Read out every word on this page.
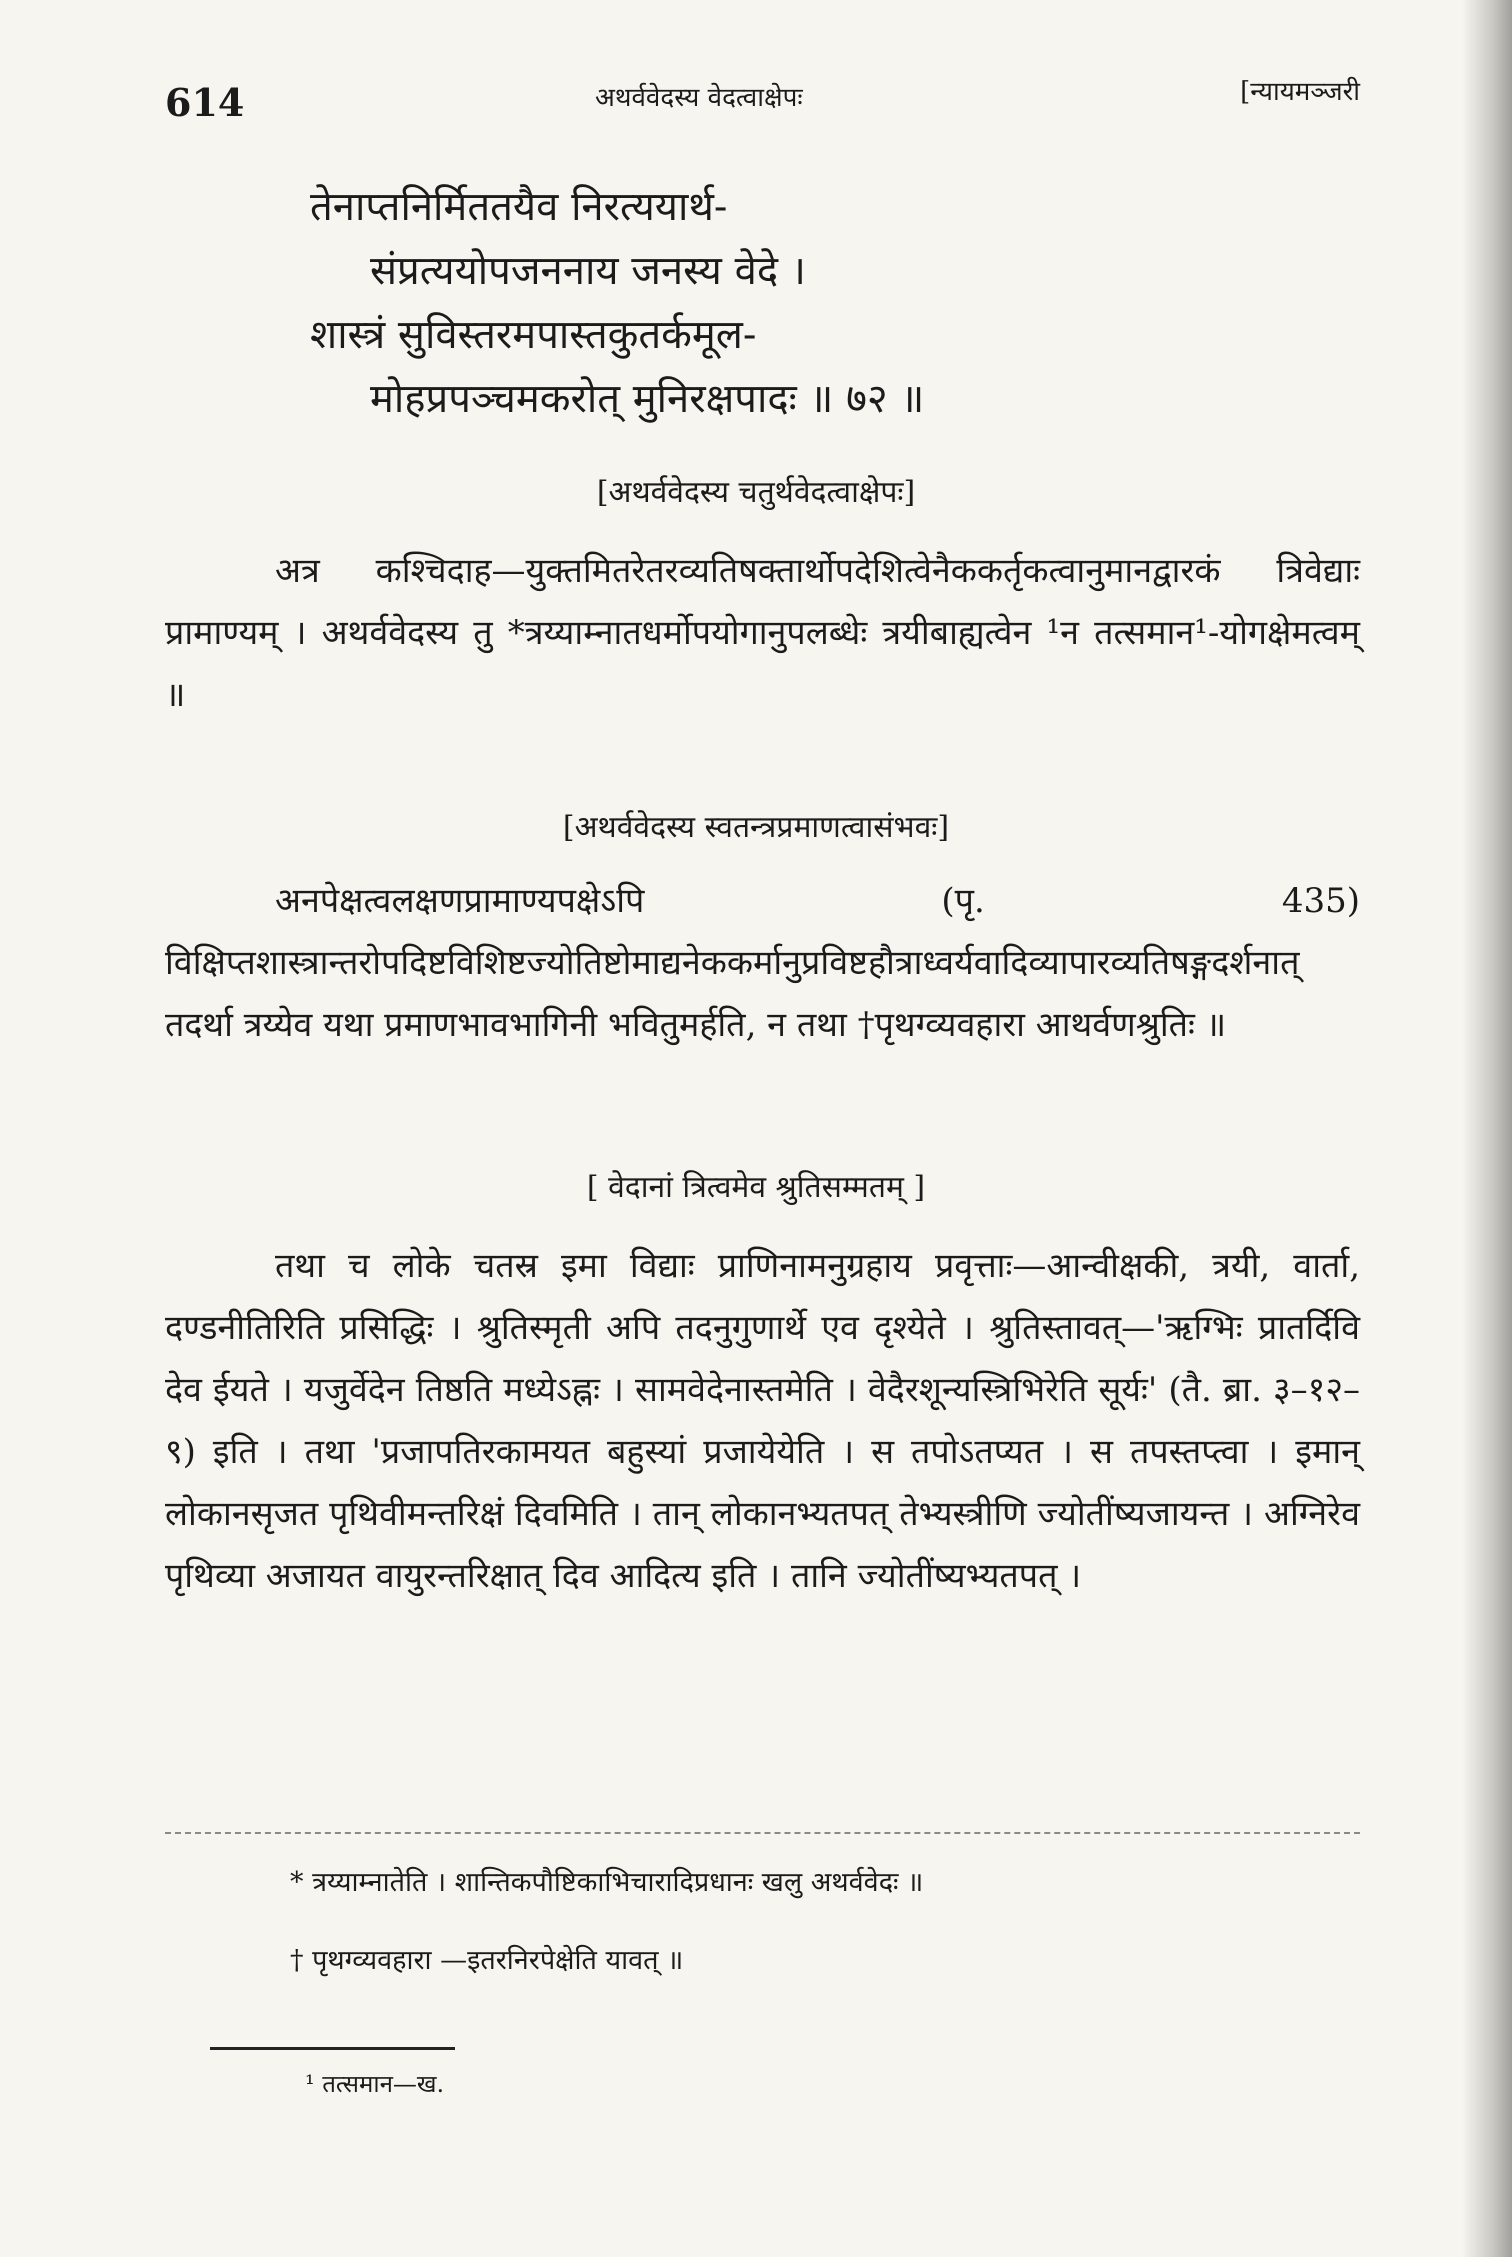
614	अथर्ववेदस्य वेदत्वाक्षेपः	[न्यायमञ्जरी
तेनाप्तनिर्मिततयैव निरत्ययार्थ-
संप्रत्ययोपजननाय जनस्य वेदे ।
शास्त्रं सुविस्तरमपास्तकुतर्कमूल-
मोहप्रपञ्चमकरोत् मुनिरक्षपादः ॥ ७२ ॥
[अथर्ववेदस्य चतुर्थवेदत्वाक्षेपः]
अत्र कश्चिदाह—युक्तमितरेतरव्यतिषक्तार्थोपदेशित्वेनैककर्तृकत्वानुमानद्वारकं त्रिवेद्याः प्रामाण्यम् । अथर्ववेदस्य तु *त्रय्याम्नातधर्मोपयोगानुपलब्धेः त्रयीबाह्यत्वेन ¹न तत्समान¹-योगक्षेमत्वम् ॥
[अथर्ववेदस्य स्वतन्त्रप्रमाणत्वासंभवः]
अनपेक्षत्वलक्षणप्रामाण्यपक्षेऽपि (पृ. 435) विक्षिप्तशास्त्रान्तरोपदिष्टविशिष्टज्योतिष्टोमाद्यनेककर्मानुप्रविष्टहौत्राध्वर्यवादिव्यापारव्यतिषङ्गदर्शनात् तदर्था त्रय्येव यथा प्रमाणभावभागिनी भवितुमर्हति, न तथा †पृथग्व्यवहारा आथर्वणश्रुतिः ॥
[ वेदानां त्रित्वमेव श्रुतिसम्मतम् ]
तथा च लोके चतस्र इमा विद्याः प्राणिनामनुग्रहाय प्रवृत्ताः—आन्वीक्षकी, त्रयी, वार्ता, दण्डनीतिरिति प्रसिद्धिः । श्रुतिस्मृती अपि तदनुगुणार्थे एव दृश्येते । श्रुतिस्तावत्—'ऋग्भिः प्रातर्दिवि देव ईयते । यजुर्वेदेन तिष्ठति मध्येऽह्नः । सामवेदेनास्तमेति । वेदैरशून्यस्त्रिभिरेति सूर्यः' (तै. ब्रा. ३–१२–९) इति । तथा 'प्रजापतिरकामयत बहुस्यां प्रजायेयेति । स तपोऽतप्यत । स तपस्तप्त्वा । इमान् लोकानसृजत पृथिवीमन्तरिक्षं दिवमिति । तान् लोकानभ्यतपत् तेभ्यस्त्रीणि ज्योतींष्यजायन्त । अग्निरेव पृथिव्या अजायत वायुरन्तरिक्षात् दिव आदित्य इति । तानि ज्योतींष्यभ्यतपत् ।
* त्रय्याम्नातेति । शान्तिकपौष्टिकाभिचारादिप्रधानः खलु अथर्ववेदः ॥
† पृथग्व्यवहारा —इतरनिरपेक्षेति यावत् ॥
¹ तत्समान—ख.
